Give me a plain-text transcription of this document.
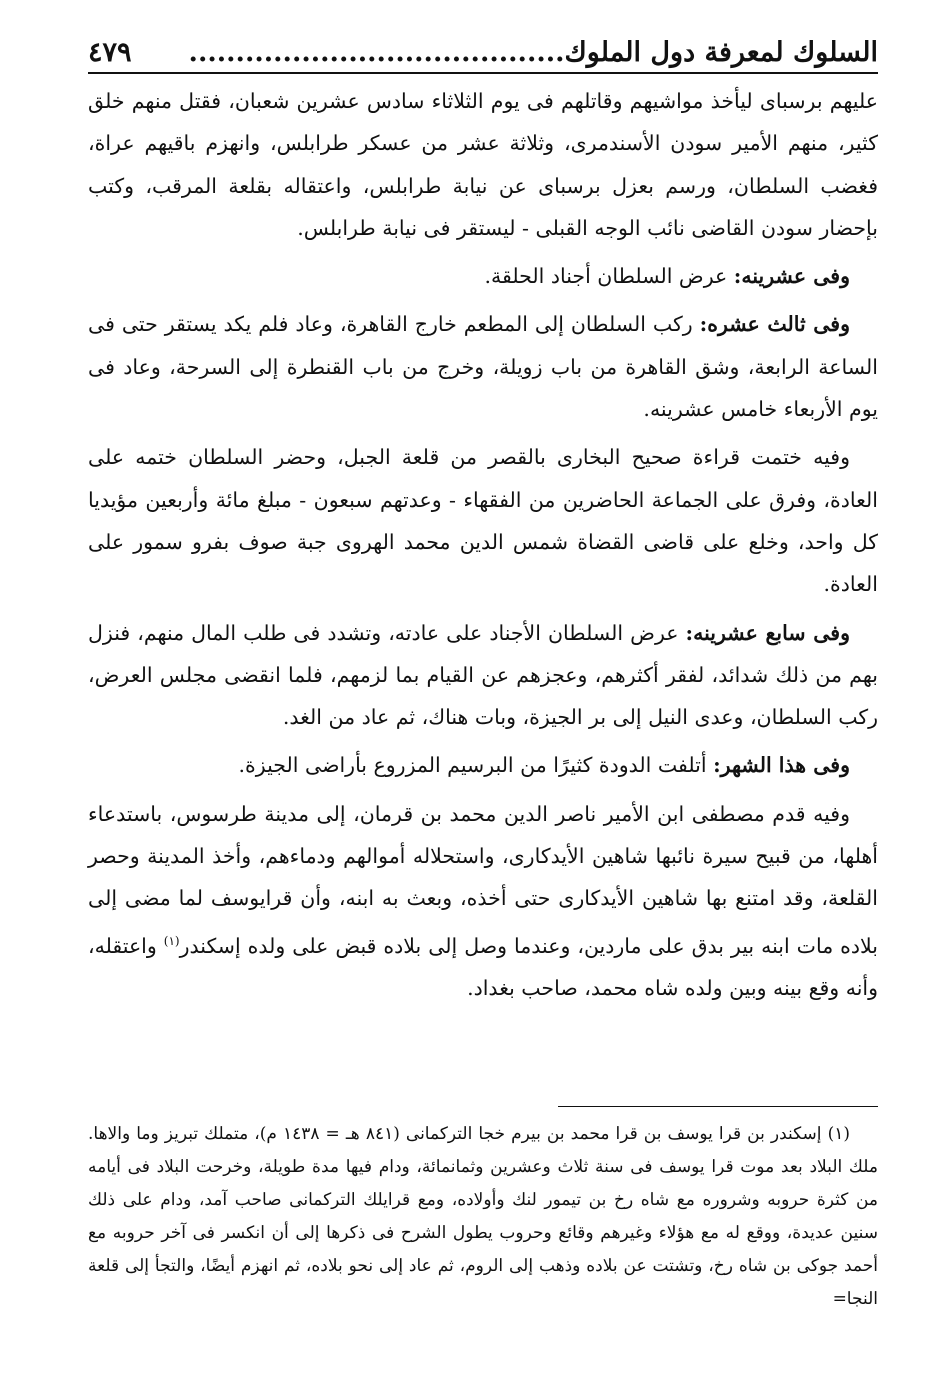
السلوك لمعرفة دول الملوك........................................
٤٧٩

عليهم برسباى ليأخذ مواشيهم وقاتلهم فى يوم الثلاثاء سادس عشرين شعبان، فقتل منهم خلق كثير، منهم الأمير سودن الأسندمرى، وثلاثة عشر من عسكر طرابلس، وانهزم باقيهم عراة، فغضب السلطان، ورسم بعزل برسباى عن نيابة طرابلس، واعتقاله بقلعة المرقب، وكتب بإحضار سودن القاضى نائب الوجه القبلى - ليستقر فى نيابة طرابلس.

وفى عشرينه: عرض السلطان أجناد الحلقة.

وفى ثالث عشره: ركب السلطان إلى المطعم خارج القاهرة، وعاد فلم يكد يستقر حتى فى الساعة الرابعة، وشق القاهرة من باب زويلة، وخرج من باب القنطرة إلى السرحة، وعاد فى يوم الأربعاء خامس عشرينه.

وفيه ختمت قراءة صحيح البخارى بالقصر من قلعة الجبل، وحضر السلطان ختمه على العادة، وفرق على الجماعة الحاضرين من الفقهاء - وعدتهم سبعون - مبلغ مائة وأربعين مؤيديا كل واحد، وخلع على قاضى القضاة شمس الدين محمد الهروى جبة صوف بفرو سمور على العادة.

وفى سابع عشرينه: عرض السلطان الأجناد على عادته، وتشدد فى طلب المال منهم، فنزل بهم من ذلك شدائد، لفقر أكثرهم، وعجزهم عن القيام بما لزمهم، فلما انقضى مجلس العرض، ركب السلطان، وعدى النيل إلى بر الجيزة، وبات هناك، ثم عاد من الغد.

وفى هذا الشهر: أتلفت الدودة كثيرًا من البرسيم المزروع بأراضى الجيزة.

وفيه قدم مصطفى ابن الأمير ناصر الدين محمد بن قرمان، إلى مدينة طرسوس، باستدعاء أهلها، من قبيح سيرة نائبها شاهين الأيدكارى، واستحلاله أموالهم ودماءهم، وأخذ المدينة وحصر القلعة، وقد امتنع بها شاهين الأيدكارى حتى أخذه، وبعث به ابنه، وأن قرايوسف لما مضى إلى بلاده مات ابنه بير بدق على ماردين، وعندما وصل إلى بلاده قبض على ولده إسكندر$^{(١)}$ واعتقله، وأنه وقع بينه وبين ولده شاه محمد، صاحب بغداد.

(١) إسكندر بن قرا يوسف بن قرا محمد بن بيرم خجا التركمانى (٨٤١ هـ = ١٤٣٨ م)، متملك تبريز وما والاها. ملك البلاد بعد موت قرا يوسف فى سنة ثلاث وعشرين وثمانمائة، ودام فيها مدة طويلة، وخرحت البلاد فى أيامه من كثرة حروبه وشروره مع شاه رخ بن تيمور لنك وأولاده، ومع قرايلك التركمانى صاحب آمد، ودام على ذلك سنين عديدة، ووقع له مع هؤلاء وغيرهم وقائع وحروب يطول الشرح فى ذكرها إلى أن انكسر فى آخر حروبه مع أحمد جوكى بن شاه رخ، وتشتت عن بلاده وذهب إلى الروم، ثم عاد إلى نحو بلاده، ثم انهزم أيضًا، والتجأ إلى قلعة النجا=
